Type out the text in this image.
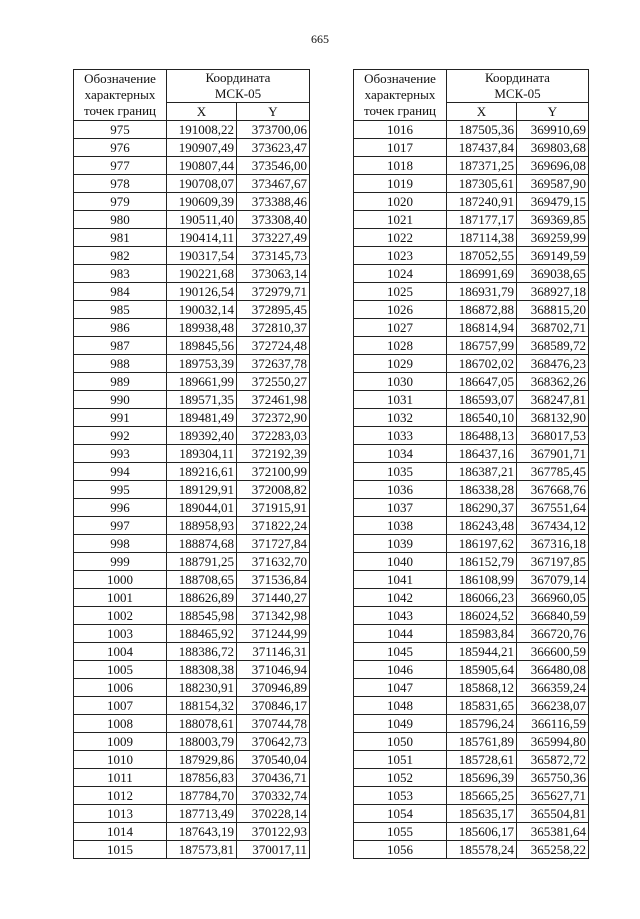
665
Обозначение
характерных
точек границ	Координата
МСК-05	
	X	Y
975	191008,22	373700,06
976	190907,49	373623,47
977	190807,44	373546,00
978	190708,07	373467,67
979	190609,39	373388,46
980	190511,40	373308,40
981	190414,11	373227,49
982	190317,54	373145,73
983	190221,68	373063,14
984	190126,54	372979,71
985	190032,14	372895,45
986	189938,48	372810,37
987	189845,56	372724,48
988	189753,39	372637,78
989	189661,99	372550,27
990	189571,35	372461,98
991	189481,49	372372,90
992	189392,40	372283,03
993	189304,11	372192,39
994	189216,61	372100,99
995	189129,91	372008,82
996	189044,01	371915,91
997	188958,93	371822,24
998	188874,68	371727,84
999	188791,25	371632,70
1000	188708,65	371536,84
1001	188626,89	371440,27
1002	188545,98	371342,98
1003	188465,92	371244,99
1004	188386,72	371146,31
1005	188308,38	371046,94
1006	188230,91	370946,89
1007	188154,32	370846,17
1008	188078,61	370744,78
1009	188003,79	370642,73
1010	187929,86	370540,04
1011	187856,83	370436,71
1012	187784,70	370332,74
1013	187713,49	370228,14
1014	187643,19	370122,93
1015	187573,81	370017,11
Обозначение
характерных
точек границ	Координата
МСК-05	
	X	Y
1016	187505,36	369910,69
1017	187437,84	369803,68
1018	187371,25	369696,08
1019	187305,61	369587,90
1020	187240,91	369479,15
1021	187177,17	369369,85
1022	187114,38	369259,99
1023	187052,55	369149,59
1024	186991,69	369038,65
1025	186931,79	368927,18
1026	186872,88	368815,20
1027	186814,94	368702,71
1028	186757,99	368589,72
1029	186702,02	368476,23
1030	186647,05	368362,26
1031	186593,07	368247,81
1032	186540,10	368132,90
1033	186488,13	368017,53
1034	186437,16	367901,71
1035	186387,21	367785,45
1036	186338,28	367668,76
1037	186290,37	367551,64
1038	186243,48	367434,12
1039	186197,62	367316,18
1040	186152,79	367197,85
1041	186108,99	367079,14
1042	186066,23	366960,05
1043	186024,52	366840,59
1044	185983,84	366720,76
1045	185944,21	366600,59
1046	185905,64	366480,08
1047	185868,12	366359,24
1048	185831,65	366238,07
1049	185796,24	366116,59
1050	185761,89	365994,80
1051	185728,61	365872,72
1052	185696,39	365750,36
1053	185665,25	365627,71
1054	185635,17	365504,81
1055	185606,17	365381,64
1056	185578,24	365258,22
